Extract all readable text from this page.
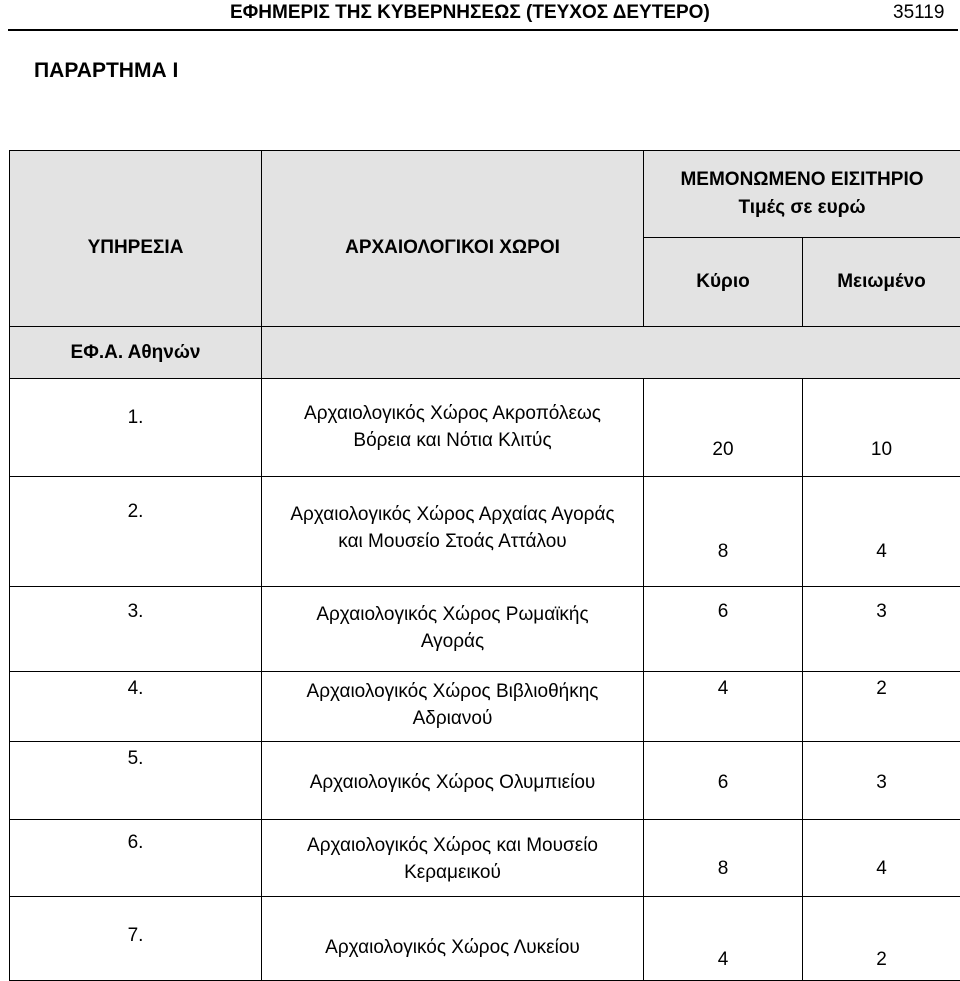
ΕΦΗΜΕΡΙΣ ΤΗΣ ΚΥΒΕΡΝΗΣΕΩΣ (ΤΕΥΧΟΣ ΔΕΥΤΕΡΟ)	35119
ΠΑΡΑΡΤΗΜΑ Ι
ΥΠΗΡΕΣΙΑ	ΑΡΧΑΙΟΛΟΓΙΚΟΙ ΧΩΡΟΙ	ΜΕΜΟΝΩΜΕΝΟ ΕΙΣΙΤΗΡΙΟ
Τιμές σε ευρώ	

		Κύριο	Μειωμένο
ΕΦ.Α. Αθηνών			
1.	Αρχαιολογικός Χώρος Ακροπόλεως
Βόρεια και Νότια Κλιτύς	20	10
2.	Αρχαιολογικός Χώρος Αρχαίας Αγοράς
και Μουσείο Στοάς Αττάλου	8	4
3.	Αρχαιολογικός Χώρος Ρωμαϊκής
Αγοράς	6	3
4.	Αρχαιολογικός Χώρος Βιβλιοθήκης
Αδριανού	4	2
5.	Αρχαιολογικός Χώρος Ολυμπιείου	6	3
6.	Αρχαιολογικός Χώρος και Μουσείο
Κεραμεικού	8	4
7.	Αρχαιολογικός Χώρος Λυκείου	4	2
